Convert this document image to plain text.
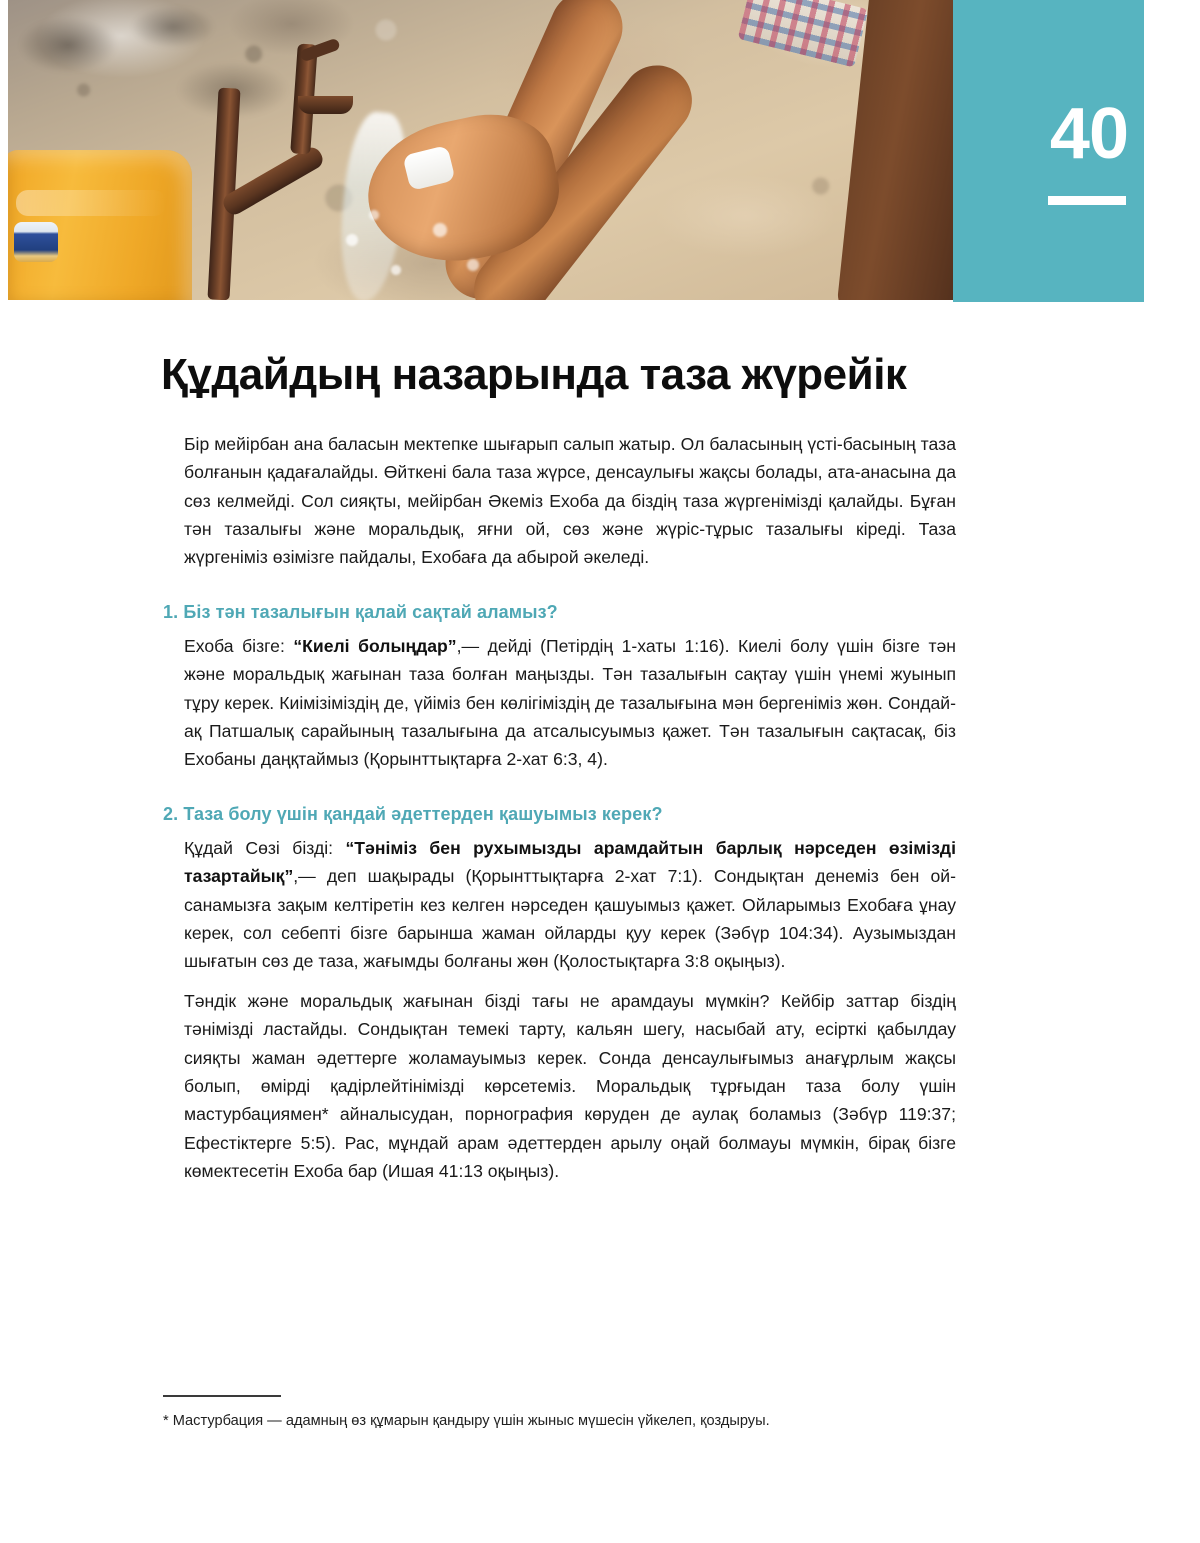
40
Құдайдың назарында таза жүрейік

Бір мейірбан ана баласын мектепке шығарып салып жатыр. Ол баласының үсті-басының таза болғанын қадағалайды. Өйткені бала таза жүрсе, денсаулығы жақсы болады, ата-анасына да сөз келмейді. Сол сияқты, мейірбан Әкеміз Ехоба да біздің таза жүргенімізді қалайды. Бұған тән тазалығы және моральдық, яғни ой, сөз және жүріс-тұрыс тазалығы кіреді. Таза жүргеніміз өзімізге пайдалы, Ехобаға да абырой әкеледі.

1. Біз тән тазалығын қалай сақтай аламыз?

Ехоба бізге: “Киелі болыңдар”,— дейді (Петірдің 1-хаты 1:16). Киелі болу үшін бізге тән және моральдық жағынан таза болған маңызды. Тән тазалығын сақтау үшін үнемі жуынып тұру керек. Киімізіміздің де, үйіміз бен көлігіміздің де тазалығына мән бергеніміз жөн. Сондай-ақ Патшалық сарайының тазалығына да атсалысуымыз қажет. Тән тазалығын сақтасақ, біз Ехобаны даңқтаймыз (Қорынттықтарға 2-хат 6:3, 4).

2. Таза болу үшін қандай әдеттерден қашуымыз керек?

Құдай Сөзі бізді: “Тәніміз бен рухымызды арамдайтын барлық нәрседен өзімізді тазартайық”,— деп шақырады (Қорынттықтарға 2-хат 7:1). Сондықтан денеміз бен ой-санамызға зақым келтіретін кез келген нәрседен қашуымыз қажет. Ойларымыз Ехобаға ұнау керек, сол себепті бізге барынша жаман ойларды қуу керек (Зәбүр 104:34). Аузымыздан шығатын сөз де таза, жағымды болғаны жөн (Қолостықтарға 3:8 оқыңыз).

Тәндік және моральдық жағынан бізді тағы не арамдауы мүмкін? Кейбір заттар біздің тәнімізді ластайды. Сондықтан темекі тарту, кальян шегу, насыбай ату, есірткі қабылдау сияқты жаман әдеттерге жоламауымыз керек. Сонда денсаулығымыз анағұрлым жақсы болып, өмірді қадірлейтінімізді көрсетеміз. Моральдық тұрғыдан таза болу үшін мастурбациямен* айналысудан, порнография көруден де аулақ боламыз (Зәбүр 119:37; Ефестіктерге 5:5). Рас, мұндай арам әдеттерден арылу оңай болмауы мүмкін, бірақ бізге көмектесетін Ехоба бар (Ишая 41:13 оқыңыз).

* Мастурбация — адамның өз құмарын қандыру үшін жыныс мүшесін үйкелеп, қоздыруы.
